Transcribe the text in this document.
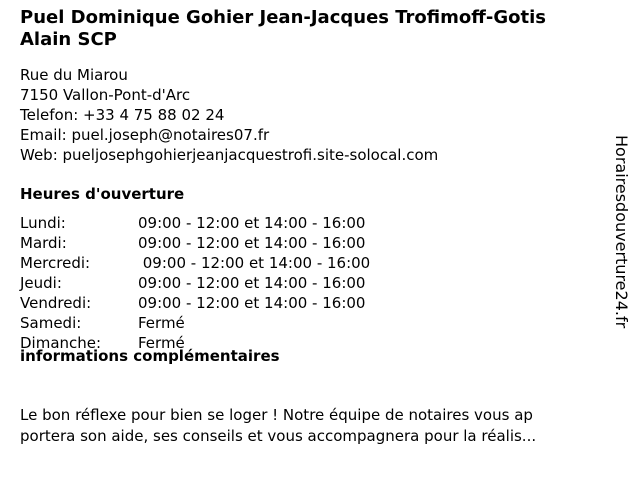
Puel Dominique Gohier Jean-Jacques Trofimoff-Gotis
Alain SCP
Rue du Miarou
7150 Vallon-Pont-d'Arc
Telefon: +33 4 75 88 02 24
Email: puel.joseph@notaires07.fr
Web: pueljosephgohierjeanjacquestrofi.site-solocal.com
Heures d'ouverture
Lundi:	09:00 - 12:00 et 14:00 - 16:00
Mardi:	09:00 - 12:00 et 14:00 - 16:00
Mercredi:	09:00 - 12:00 et 14:00 - 16:00
Jeudi:	09:00 - 12:00 et 14:00 - 16:00
Vendredi:	09:00 - 12:00 et 14:00 - 16:00
Samedi:	Fermé
Dimanche:	Fermé
informations complémentaires
Le bon réflexe pour bien se loger ! Notre équipe de notaires vous ap
portera son aide, ses conseils et vous accompagnera pour la réalis...
Horairesdouverture24.fr
